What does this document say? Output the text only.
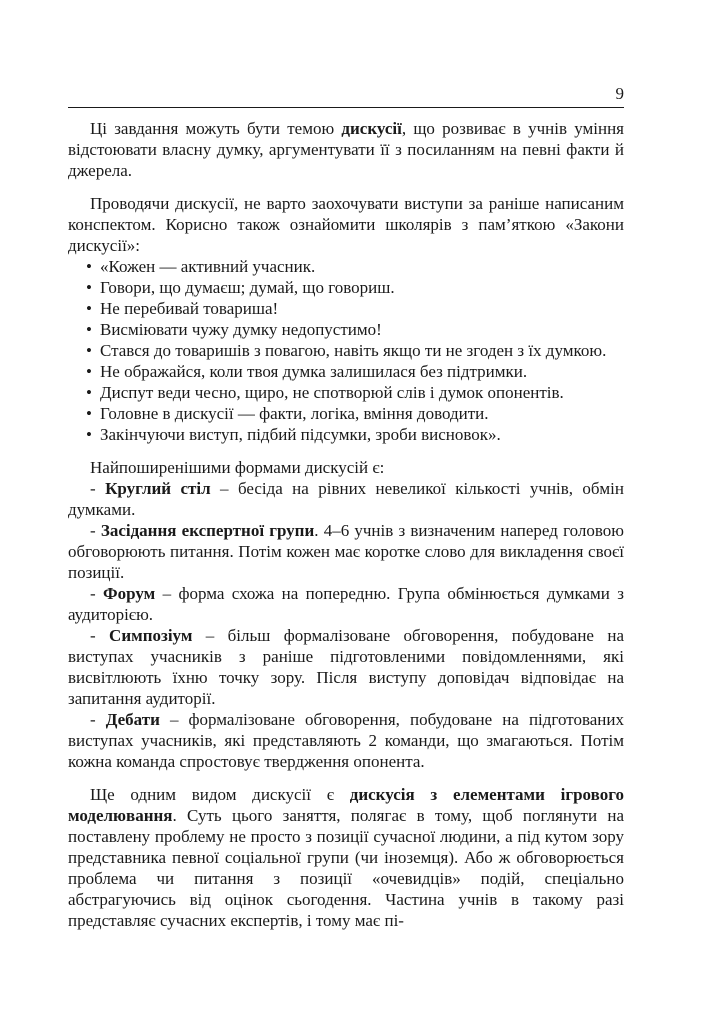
9

Ці завдання можуть бути темою дискусії, що розвиває в учнів уміння відстоювати власну думку, аргументувати її з посиланням на певні факти й джерела.

Проводячи дискусії, не варто заохочувати виступи за раніше написаним конспектом. Корисно також ознайомити школярів з пам’яткою «Закони дискусії»:

• «Кожен — активний учасник.
• Говори, що думаєш; думай, що говориш.
• Не перебивай товариша!
• Висміювати чужу думку недопустимо!
• Стався до товаришів з повагою, навіть якщо ти не згоден з їх думкою.
• Не ображайся, коли твоя думка залишилася без підтримки.
• Диспут веди чесно, щиро, не спотворюй слів і думок опонентів.
• Головне в дискусії — факти, логіка, вміння доводити.
• Закінчуючи виступ, підбий підсумки, зроби висновок».

Найпоширенішими формами дискусій є:

- Круглий стіл – бесіда на рівних невеликої кількості учнів, обмін думками.

- Засідання експертної групи. 4–6 учнів з визначеним наперед головою обговорюють питання. Потім кожен має коротке слово для викладення своєї позиції.

- Форум – форма схожа на попередню. Група обмінюється думками з аудиторією.

- Симпозіум – більш формалізоване обговорення, побудоване на виступах учасників з раніше підготовленими повідомленнями, які висвітлюють їхню точку зору. Після виступу доповідач відповідає на запитання аудиторії.

- Дебати – формалізоване обговорення, побудоване на підготованих виступах учасників, які представляють 2 команди, що змагаються. Потім кожна команда спростовує твердження опонента.

Ще одним видом дискусії є дискусія з елементами ігрового моделювання. Суть цього заняття, полягає в тому, щоб поглянути на поставлену проблему не просто з позиції сучасної людини, а під кутом зору представника певної соціальної групи (чи іноземця). Або ж обговорюється проблема чи питання з позиції «очевидців» подій, спеціально абстрагуючись від оцінок сьогодення. Частина учнів в такому разі представляє сучасних експертів, і тому має пі-
